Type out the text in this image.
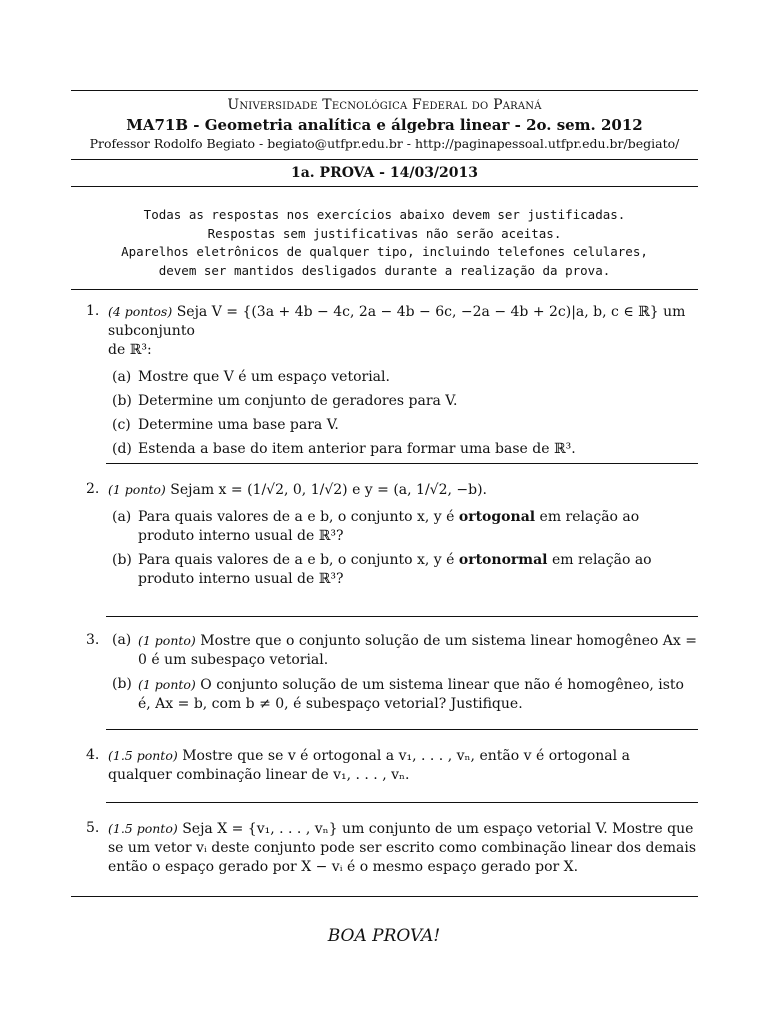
Universidade Tecnológica Federal do Paraná
MA71B - Geometria analítica e álgebra linear - 2o. sem. 2012
Professor Rodolfo Begiato - begiato@utfpr.edu.br - http://paginapessoal.utfpr.edu.br/begiato/
1a. PROVA - 14/03/2013
Todas as respostas nos exercícios abaixo devem ser justificadas.
Respostas sem justificativas não serão aceitas.
Aparelhos eletrônicos de qualquer tipo, incluindo telefones celulares,
devem ser mantidos desligados durante a realização da prova.
1. (4 pontos) Seja V = {(3a + 4b − 4c, 2a − 4b − 6c, −2a − 4b + 2c)|a, b, c ∈ ℝ} um subconjunto
de ℝ³:
(a) Mostre que V é um espaço vetorial.
(b) Determine um conjunto de geradores para V.
(c) Determine uma base para V.
(d) Estenda a base do item anterior para formar uma base de ℝ³.
2. (1 ponto) Sejam x = (1/√2, 0, 1/√2) e y = (a, 1/√2, −b).
(a) Para quais valores de a e b, o conjunto x, y é ortogonal em relação ao produto interno usual de ℝ³?
(b) Para quais valores de a e b, o conjunto x, y é ortonormal em relação ao produto interno usual de ℝ³?
3. (a) (1 ponto) Mostre que o conjunto solução de um sistema linear homogêneo Ax = 0 é um subespaço vetorial.
(b) (1 ponto) O conjunto solução de um sistema linear que não é homogêneo, isto é, Ax = b, com b ≠ 0, é subespaço vetorial? Justifique.
4. (1.5 ponto) Mostre que se v é ortogonal a v₁, . . . , vₙ, então v é ortogonal a qualquer combinação linear de v₁, . . . , vₙ.
5. (1.5 ponto) Seja X = {v₁, . . . , vₙ} um conjunto de um espaço vetorial V. Mostre que se um vetor vᵢ deste conjunto pode ser escrito como combinação linear dos demais então o espaço gerado por X − vᵢ é o mesmo espaço gerado por X.
BOA PROVA!
